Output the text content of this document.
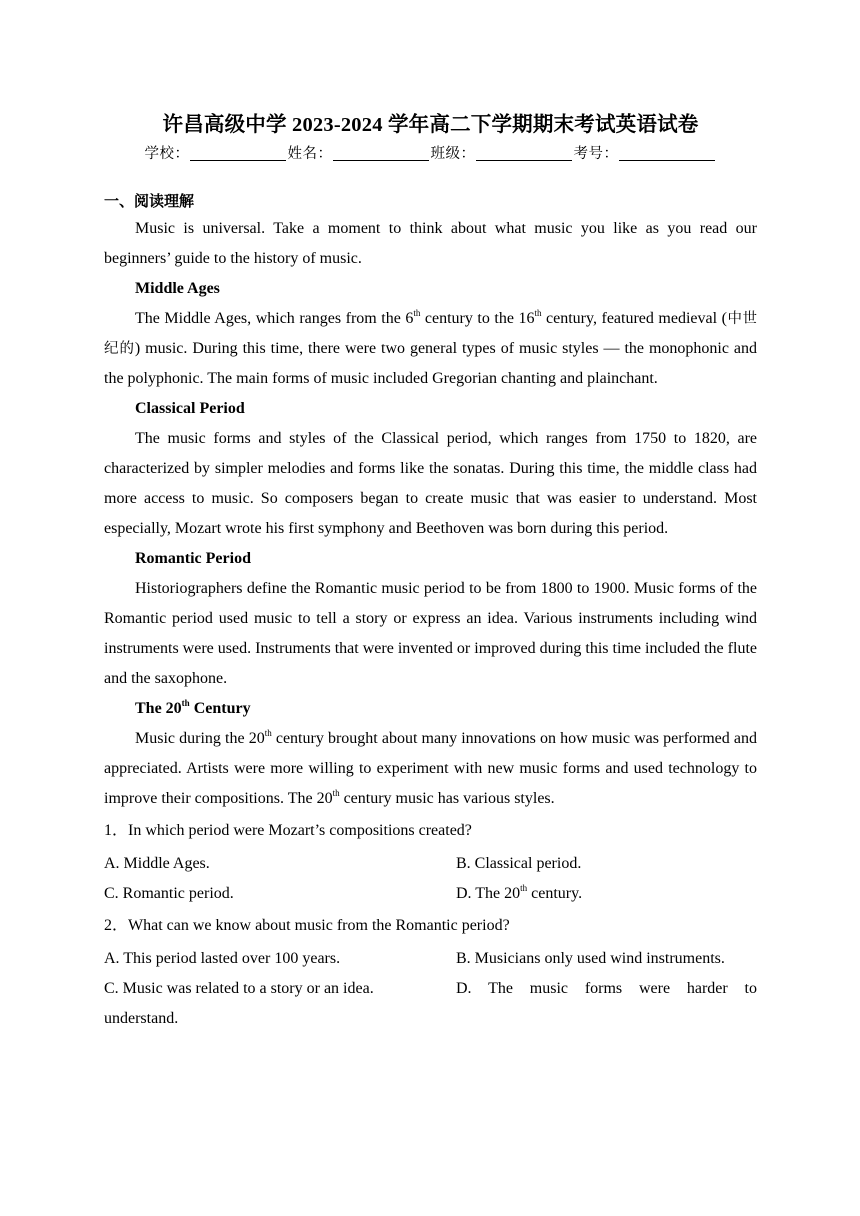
许昌高级中学 2023-2024 学年高二下学期期末考试英语试卷
学校：	姓名：	班级：	考号：
一、阅读理解

Music is universal. Take a moment to think about what music you like as you read our beginners’ guide to the history of music.

Middle Ages

The Middle Ages, which ranges from the 6th century to the 16th century, featured medieval (中世纪的) music. During this time, there were two general types of music styles — the monophonic and the polyphonic. The main forms of music included Gregorian chanting and plainchant.

Classical Period

The music forms and styles of the Classical period, which ranges from 1750 to 1820, are characterized by simpler melodies and forms like the sonatas. During this time, the middle class had more access to music. So composers began to create music that was easier to understand. Most especially, Mozart wrote his first symphony and Beethoven was born during this period.

Romantic Period

Historiographers define the Romantic music period to be from 1800 to 1900. Music forms of the Romantic period used music to tell a story or express an idea. Various instruments including wind instruments were used. Instruments that were invented or improved during this time included the flute and the saxophone.

The 20th Century

Music during the 20th century brought about many innovations on how music was performed and appreciated. Artists were more willing to experiment with new music forms and used technology to improve their compositions. The 20th century music has various styles.

1．In which period were Mozart’s compositions created?
A. Middle Ages.	B. Classical period.
C. Romantic period.	D. The 20th century.
2．What can we know about music from the Romantic period?
A. This period lasted over 100 years.	B. Musicians only used wind instruments.
C. Music was related to a story or an idea.	D. The music forms were harder to
understand.
